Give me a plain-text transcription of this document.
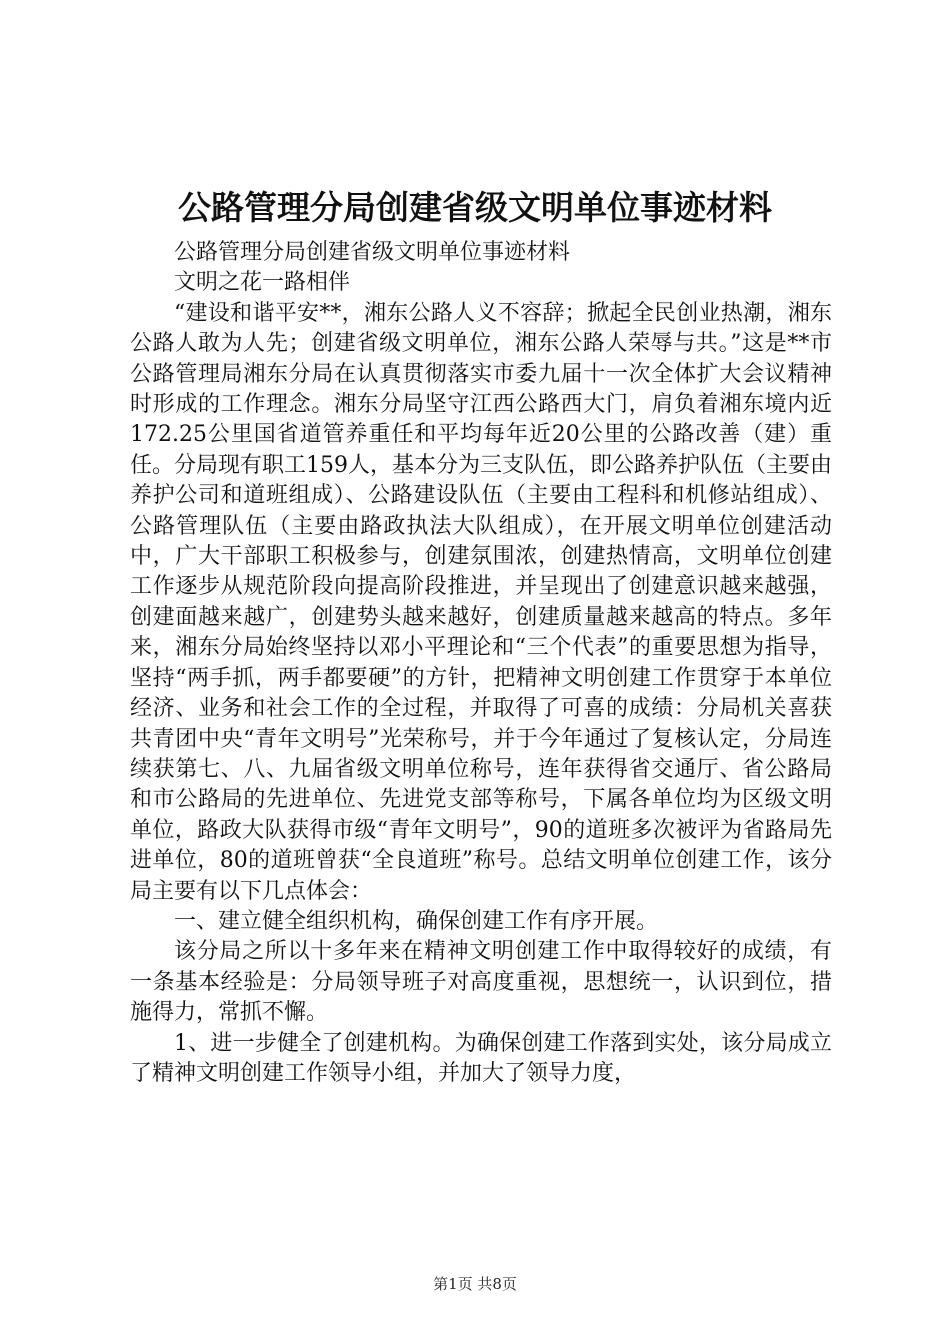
公路管理分局创建省级文明单位事迹材料

公路管理分局创建省级文明单位事迹材料

文明之花一路相伴

“建设和谐平安**，湘东公路人义不容辞；掀起全民创业热潮，湘东公路人敢为人先；创建省级文明单位，湘东公路人荣辱与共。”这是**市公路管理局湘东分局在认真贯彻落实市委九届十一次全体扩大会议精神时形成的工作理念。湘东分局坚守江西公路西大门，肩负着湘东境内近172.25公里国省道管养重任和平均每年近20公里的公路改善（建）重任。分局现有职工159人，基本分为三支队伍，即公路养护队伍（主要由养护公司和道班组成）、公路建设队伍（主要由工程科和机修站组成）、公路管理队伍（主要由路政执法大队组成），在开展文明单位创建活动中，广大干部职工积极参与，创建氛围浓，创建热情高，文明单位创建工作逐步从规范阶段向提高阶段推进，并呈现出了创建意识越来越强，创建面越来越广，创建势头越来越好，创建质量越来越高的特点。多年来，湘东分局始终坚持以邓小平理论和“三个代表”的重要思想为指导，坚持“两手抓，两手都要硬”的方针，把精神文明创建工作贯穿于本单位经济、业务和社会工作的全过程，并取得了可喜的成绩：分局机关喜获共青团中央“青年文明号”光荣称号，并于今年通过了复核认定，分局连续获第七、八、九届省级文明单位称号，连年获得省交通厅、省公路局和市公路局的先进单位、先进党支部等称号，下属各单位均为区级文明单位，路政大队获得市级“青年文明号”，90的道班多次被评为省路局先进单位，80的道班曾获“全良道班”称号。总结文明单位创建工作，该分局主要有以下几点体会：

一、建立健全组织机构，确保创建工作有序开展。

该分局之所以十多年来在精神文明创建工作中取得较好的成绩，有一条基本经验是：分局领导班子对高度重视，思想统一，认识到位，措施得力，常抓不懈。

1、进一步健全了创建机构。为确保创建工作落到实处，该分局成立了精神文明创建工作领导小组，并加大了领导力度，

第1页 共8页
